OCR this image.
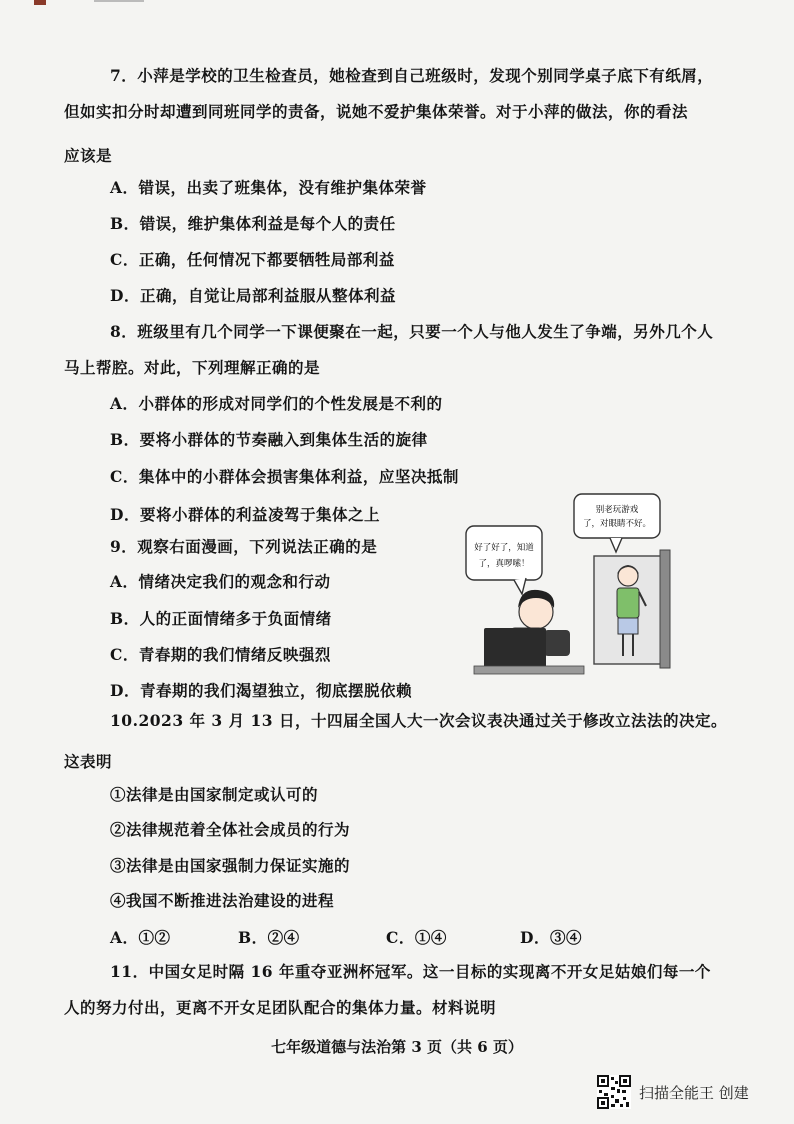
7．小萍是学校的卫生检查员，她检查到自己班级时，发现个别同学桌子底下有纸屑，
但如实扣分时却遭到同班同学的责备，说她不爱护集体荣誉。对于小萍的做法，你的看法
应该是
A．错误，出卖了班集体，没有维护集体荣誉
B．错误，维护集体利益是每个人的责任
C．正确，任何情况下都要牺牲局部利益
D．正确，自觉让局部利益服从整体利益
8．班级里有几个同学一下课便聚在一起，只要一个人与他人发生了争端，另外几个人
马上帮腔。对此，下列理解正确的是
A．小群体的形成对同学们的个性发展是不利的
B．要将小群体的节奏融入到集体生活的旋律
C．集体中的小群体会损害集体利益，应坚决抵制
D．要将小群体的利益凌驾于集体之上
9．观察右面漫画，下列说法正确的是
A．情绪决定我们的观念和行动
B．人的正面情绪多于负面情绪
C．青春期的我们情绪反映强烈
D．青春期的我们渴望独立，彻底摆脱依赖
别老玩游戏
了，对眼睛不好。
好了好了，知道
了，真啰嗦！
10.2023 年 3 月 13 日，十四届全国人大一次会议表决通过关于修改立法法的决定。
这表明
①法律是由国家制定或认可的
②法律规范着全体社会成员的行为
③法律是由国家强制力保证实施的
④我国不断推进法治建设的进程
A．①②	B．②④	C．①④	D．③④
11．中国女足时隔 16 年重夺亚洲杯冠军。这一目标的实现离不开女足姑娘们每一个
人的努力付出，更离不开女足团队配合的集体力量。材料说明
七年级道德与法治第 3 页（共 6 页）
扫描全能王 创建
